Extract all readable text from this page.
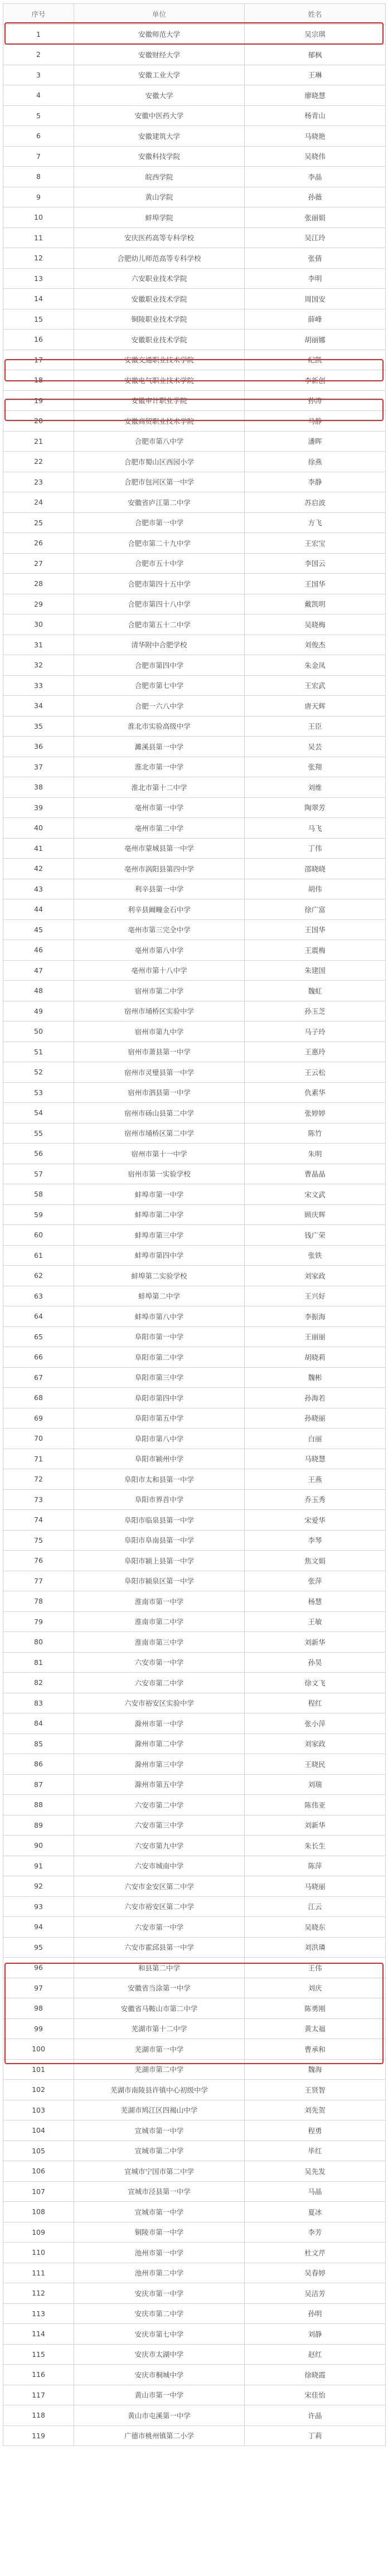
序号	单位	姓名
1	安徽师范大学	吴宗琪
2	安徽财经大学	郁枫
3	安徽工业大学	王琳
4	安徽大学	廖晓慧
5	安徽中医药大学	杨青山
6	安徽建筑大学	马晓艳
7	安徽科技学院	吴晓伟
8	皖西学院	李晶
9	黄山学院	孙薇
10	蚌埠学院	张丽娟
11	安庆医药高等专科学校	吴江玲
12	合肥幼儿师范高等专科学校	张倩
13	六安职业技术学院	李明
14	安徽职业技术学院	周国安
15	铜陵职业技术学院	薛峰
16	安徽职业技术学院	胡丽娜
17	安徽交通职业技术学院	纪凯
18	安徽电气职业技术学院	李新创
19	安徽审计职业学院	孙涛
20	安徽商贸职业技术学院	马静
21	合肥市第八中学	潘晖
22	合肥市蜀山区西园小学	徐燕
23	合肥市包河区第一中学	李静
24	安徽省庐江第二中学	苏启波
25	合肥市第一中学	方飞
26	合肥市第二十九中学	王宏宝
27	合肥市五十中学	李国云
28	合肥市第四十五中学	王国华
29	合肥市第四十八中学	戴凯明
30	合肥市第五十二中学	吴晓梅
31	清华附中合肥学校	刘俊杰
32	合肥市第四中学	朱金凤
33	合肥市第七中学	王宏武
34	合肥一六八中学	唐天辉
35	淮北市实验高级中学	王臣
36	濉溪县第一中学	吴芸
37	淮北市第一中学	张翔
38	淮北市第十二中学	刘维
39	亳州市第一中学	陶翠芳
40	亳州市第二中学	马飞
41	亳州市蒙城县第一中学	丁伟
42	亳州市涡阳县第四中学	邵晓晓
43	利辛县第一中学	胡伟
44	利辛县阚疃金石中学	徐广富
45	亳州市第三完全中学	王国华
46	亳州市第八中学	王震梅
47	亳州市第十八中学	朱建国
48	宿州市第二中学	魏虹
49	宿州市埇桥区实验中学	孙玉芝
50	宿州市第九中学	马子玲
51	宿州市萧县第一中学	王惠玲
52	宿州市灵璧县第一中学	王云松
53	宿州市泗县第一中学	仇素华
54	宿州市砀山县第二中学	张婷婷
55	宿州市埇桥区第二中学	陈竹
56	宿州市第十一中学	朱明
57	宿州市第一实验学校	曹晶晶
58	蚌埠市第一中学	宋文武
59	蚌埠市第二中学	顾庆辉
60	蚌埠市第三中学	钱广荣
61	蚌埠市第四中学	张铁
62	蚌埠第二实验学校	刘家政
63	蚌埠第二中学	王兴好
64	蚌埠市第八中学	李振海
65	阜阳市第一中学	王丽丽
66	阜阳市第二中学	胡晓莉
67	阜阳市第三中学	魏彬
68	阜阳市第四中学	孙海若
69	阜阳市第五中学	孙晓丽
70	阜阳市第八中学	白丽
71	阜阳市颍州中学	马晓慧
72	阜阳市太和县第一中学	王燕
73	阜阳市界首中学	乔玉秀
74	阜阳市临泉县第一中学	宋爱华
75	阜阳市阜南县第一中学	李琴
76	阜阳市颍上县第一中学	焦文娟
77	阜阳市颍泉区第一中学	张萍
78	淮南市第一中学	杨慧
79	淮南市第二中学	王敏
80	淮南市第三中学	刘新华
81	六安市第一中学	孙昊
82	六安市第二中学	徐文飞
83	六安市裕安区实验中学	程红
84	滁州市第一中学	张小萍
85	滁州市第二中学	刘家政
86	滁州市第三中学	王晓民
87	滁州市第五中学	刘瑞
88	六安市第二中学	陈伟亚
89	六安市第三中学	刘新华
90	六安市第九中学	朱长生
91	六安市城南中学	陈萍
92	六安市金安区第二中学	马晓丽
93	六安市裕安区第二中学	江云
94	六安市第一中学	吴晓东
95	六安市霍邱县第一中学	刘洪璘
96	和县第二中学	王伟
97	安徽省当涂第一中学	刘庆
98	安徽省马鞍山市第二中学	陈勇刚
99	芜湖市第十二中学	黄太福
100	芜湖市第一中学	曹承和
101	芜湖市第二中学	魏海
102	芜湖市南陵县许镇中心初级中学	王贤智
103	芜湖市鸠江区四褐山中学	刘先贺
104	宣城市第一中学	程勇
105	宣城市第二中学	毕红
106	宣城市宁国市第二中学	吴先发
107	宣城市泾县第一中学	马晶
108	宣城市第一中学	夏冰
109	铜陵市第一中学	李芳
110	池州市第一中学	杜文芹
111	池州市第二中学	吴春婷
112	安庆市第一中学	吴洁芳
113	安庆市第二中学	孙明
114	安庆市第七中学	刘静
115	安庆市太湖中学	赵红
116	安庆市桐城中学	徐晓霞
117	黄山市第一中学	宋佳怡
118	黄山市屯溪第一中学	许晶
119	广德市桃州镇第二小学	丁莉
